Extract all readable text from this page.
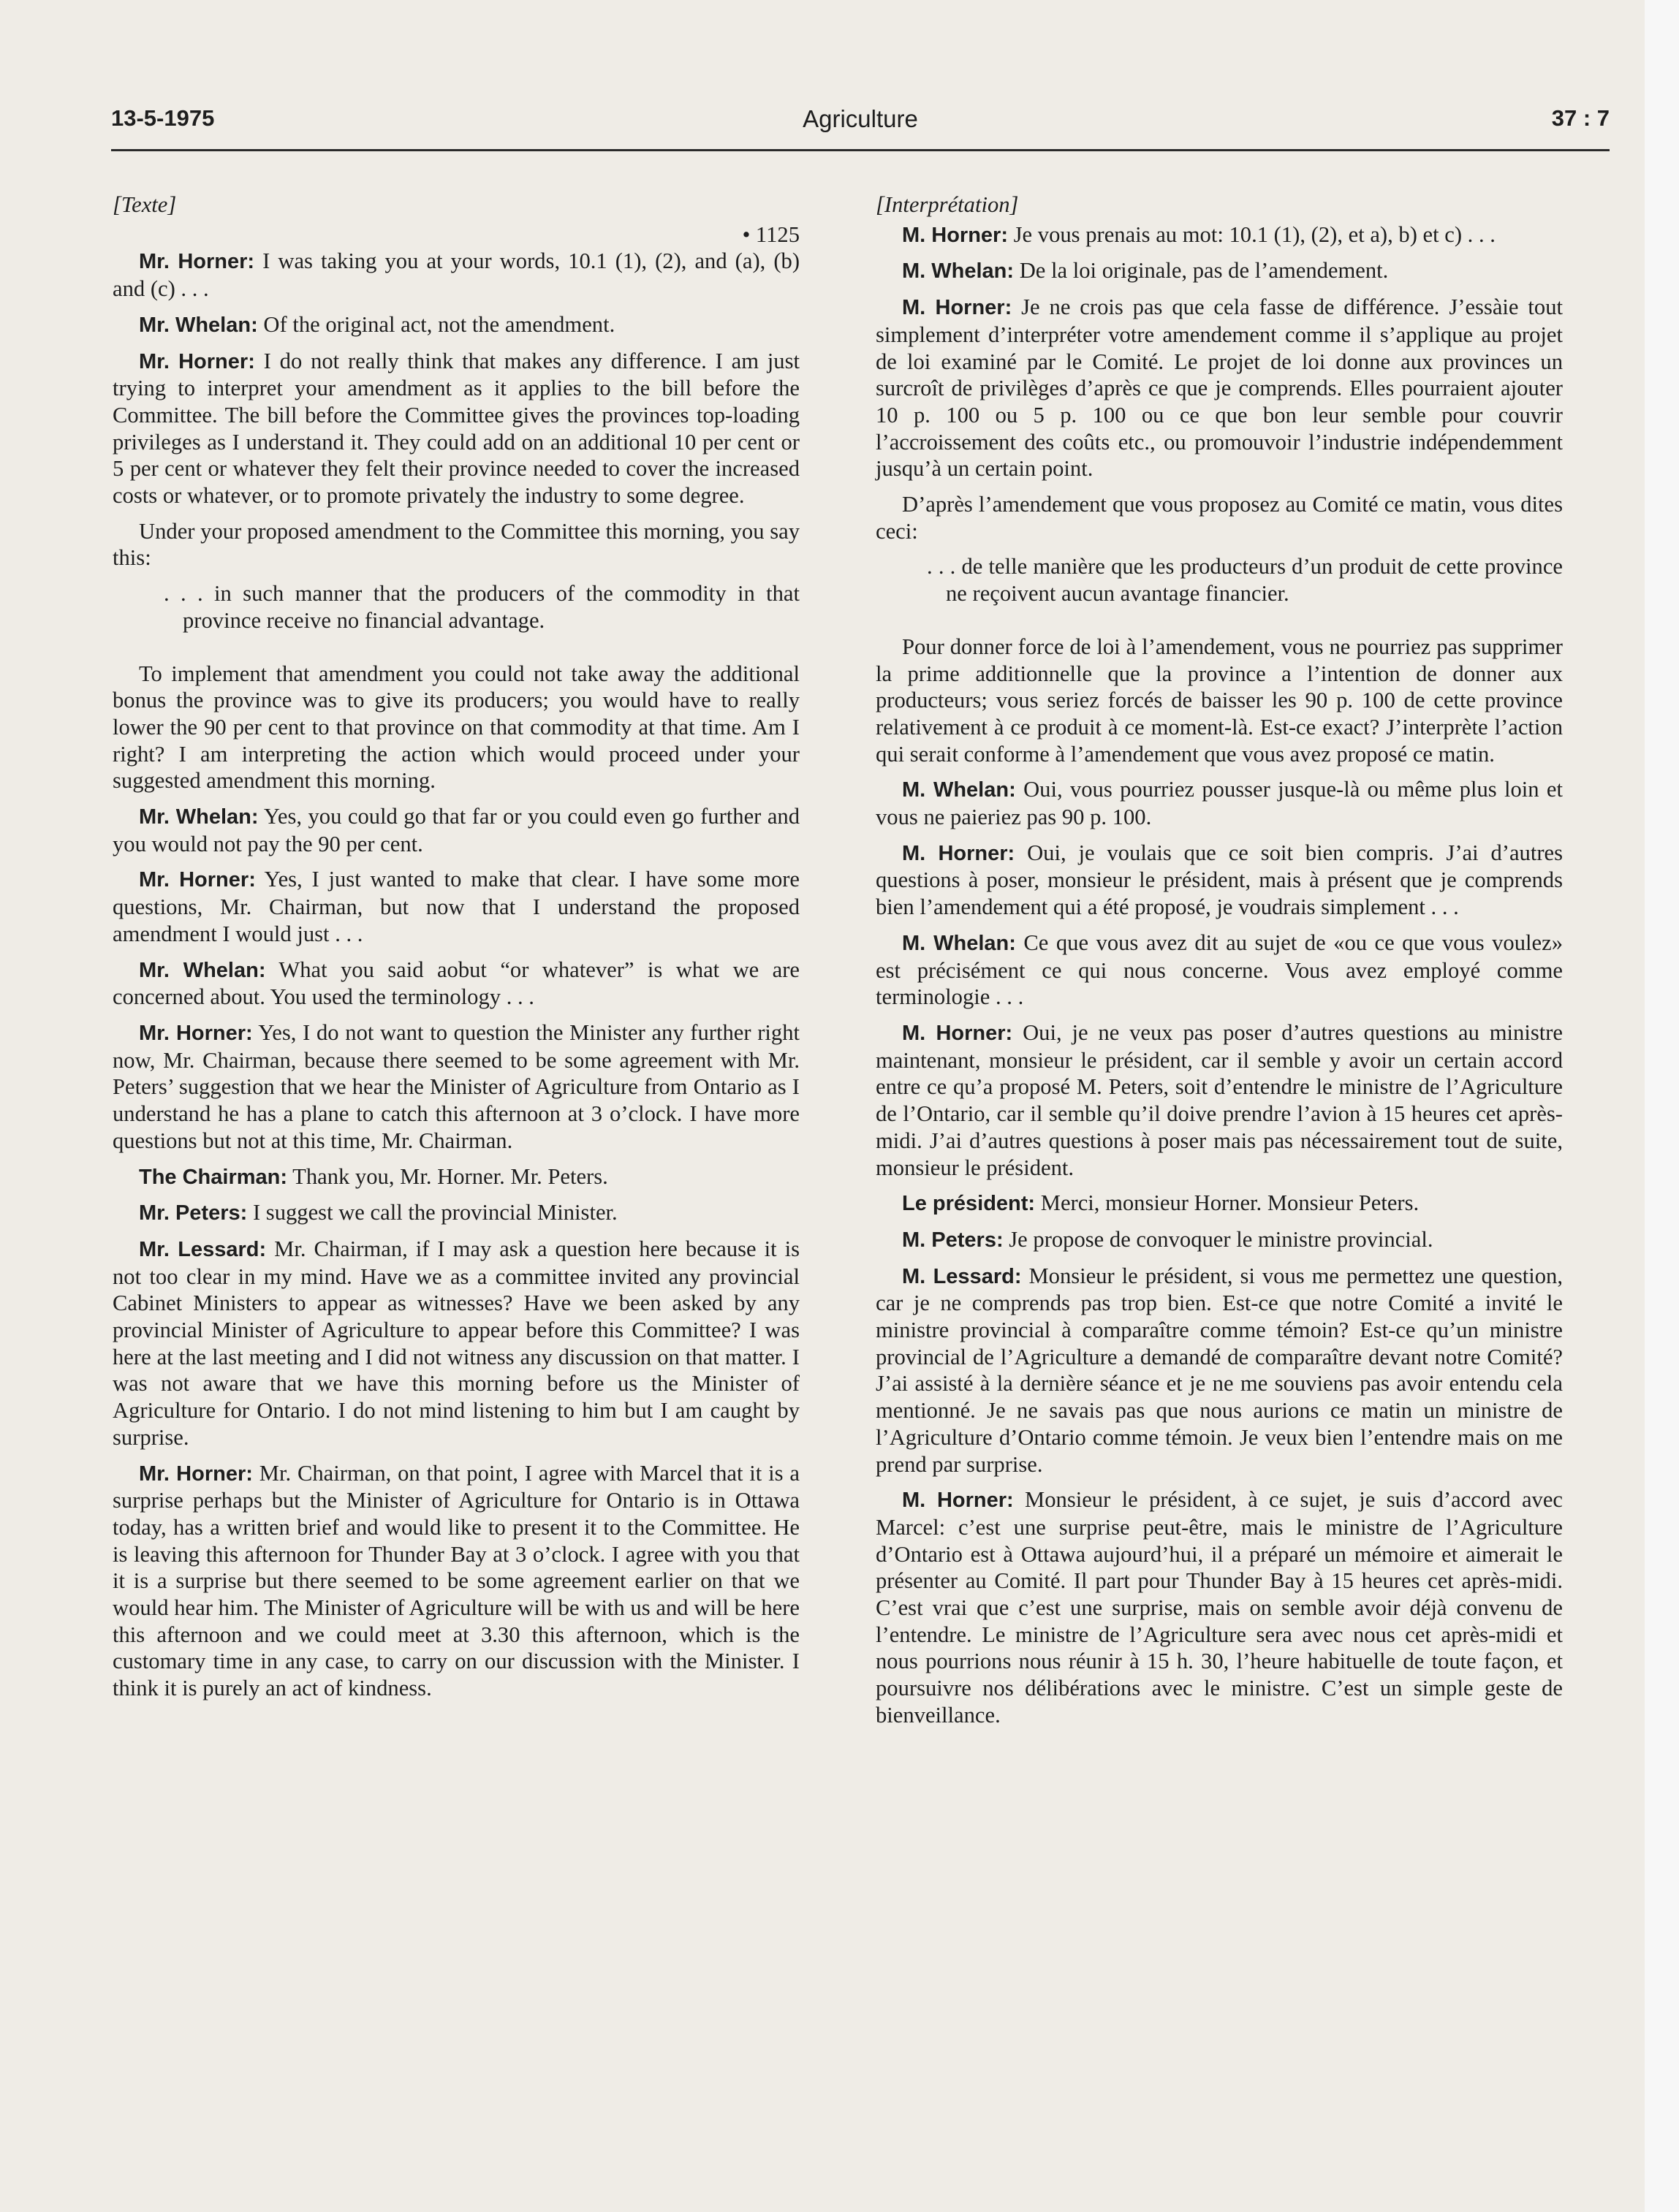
13-5-1975	Agriculture	37 : 7

[Texte]

• 1125

Mr. Horner: I was taking you at your words, 10.1 (1), (2), and (a), (b) and (c) . . .

Mr. Whelan: Of the original act, not the amendment.

Mr. Horner: I do not really think that makes any difference. I am just trying to interpret your amendment as it applies to the bill before the Committee. The bill before the Committee gives the provinces top-loading privileges as I understand it. They could add on an additional 10 per cent or 5 per cent or whatever they felt their province needed to cover the increased costs or whatever, or to promote privately the industry to some degree.

Under your proposed amendment to the Committee this morning, you say this:

. . . in such manner that the producers of the commodity in that province receive no financial advantage.

To implement that amendment you could not take away the additional bonus the province was to give its producers; you would have to really lower the 90 per cent to that province on that commodity at that time. Am I right? I am interpreting the action which would proceed under your suggested amendment this morning.

Mr. Whelan: Yes, you could go that far or you could even go further and you would not pay the 90 per cent.

Mr. Horner: Yes, I just wanted to make that clear. I have some more questions, Mr. Chairman, but now that I understand the proposed amendment I would just . . .

Mr. Whelan: What you said aobut “or whatever” is what we are concerned about. You used the terminology . . .

Mr. Horner: Yes, I do not want to question the Minister any further right now, Mr. Chairman, because there seemed to be some agreement with Mr. Peters’ suggestion that we hear the Minister of Agriculture from Ontario as I understand he has a plane to catch this afternoon at 3 o’clock. I have more questions but not at this time, Mr. Chairman.

The Chairman: Thank you, Mr. Horner. Mr. Peters.

Mr. Peters: I suggest we call the provincial Minister.

Mr. Lessard: Mr. Chairman, if I may ask a question here because it is not too clear in my mind. Have we as a committee invited any provincial Cabinet Ministers to appear as witnesses? Have we been asked by any provincial Minister of Agriculture to appear before this Committee? I was here at the last meeting and I did not witness any discussion on that matter. I was not aware that we have this morning before us the Minister of Agriculture for Ontario. I do not mind listening to him but I am caught by surprise.

Mr. Horner: Mr. Chairman, on that point, I agree with Marcel that it is a surprise perhaps but the Minister of Agriculture for Ontario is in Ottawa today, has a written brief and would like to present it to the Committee. He is leaving this afternoon for Thunder Bay at 3 o’clock. I agree with you that it is a surprise but there seemed to be some agreement earlier on that we would hear him. The Minister of Agriculture will be with us and will be here this afternoon and we could meet at 3.30 this afternoon, which is the customary time in any case, to carry on our discussion with the Minister. I think it is purely an act of kindness.

[Interprétation]

M. Horner: Je vous prenais au mot: 10.1 (1), (2), et a), b) et c) . . .

M. Whelan: De la loi originale, pas de l’amendement.

M. Horner: Je ne crois pas que cela fasse de différence. J’essàie tout simplement d’interpréter votre amendement comme il s’applique au projet de loi examiné par le Comité. Le projet de loi donne aux provinces un surcroît de privilèges d’après ce que je comprends. Elles pourraient ajouter 10 p. 100 ou 5 p. 100 ou ce que bon leur semble pour couvrir l’accroissement des coûts etc., ou promouvoir l’industrie indépendemment jusqu’à un certain point.

D’après l’amendement que vous proposez au Comité ce matin, vous dites ceci:

. . . de telle manière que les producteurs d’un produit de cette province ne reçoivent aucun avantage financier.

Pour donner force de loi à l’amendement, vous ne pourriez pas supprimer la prime additionnelle que la province a l’intention de donner aux producteurs; vous seriez forcés de baisser les 90 p. 100 de cette province relativement à ce produit à ce moment-là. Est-ce exact? J’interprète l’action qui serait conforme à l’amendement que vous avez proposé ce matin.

M. Whelan: Oui, vous pourriez pousser jusque-là ou même plus loin et vous ne paieriez pas 90 p. 100.

M. Horner: Oui, je voulais que ce soit bien compris. J’ai d’autres questions à poser, monsieur le président, mais à présent que je comprends bien l’amendement qui a été proposé, je voudrais simplement . . .

M. Whelan: Ce que vous avez dit au sujet de «ou ce que vous voulez» est précisément ce qui nous concerne. Vous avez employé comme terminologie . . .

M. Horner: Oui, je ne veux pas poser d’autres questions au ministre maintenant, monsieur le président, car il semble y avoir un certain accord entre ce qu’a proposé M. Peters, soit d’entendre le ministre de l’Agriculture de l’Ontario, car il semble qu’il doive prendre l’avion à 15 heures cet après-midi. J’ai d’autres questions à poser mais pas nécessairement tout de suite, monsieur le président.

Le président: Merci, monsieur Horner. Monsieur Peters.

M. Peters: Je propose de convoquer le ministre provincial.

M. Lessard: Monsieur le président, si vous me permettez une question, car je ne comprends pas trop bien. Est-ce que notre Comité a invité le ministre provincial à comparaître comme témoin? Est-ce qu’un ministre provincial de l’Agriculture a demandé de comparaître devant notre Comité? J’ai assisté à la dernière séance et je ne me souviens pas avoir entendu cela mentionné. Je ne savais pas que nous aurions ce matin un ministre de l’Agriculture d’Ontario comme témoin. Je veux bien l’entendre mais on me prend par surprise.

M. Horner: Monsieur le président, à ce sujet, je suis d’accord avec Marcel: c’est une surprise peut-être, mais le ministre de l’Agriculture d’Ontario est à Ottawa aujourd’hui, il a préparé un mémoire et aimerait le présenter au Comité. Il part pour Thunder Bay à 15 heures cet après-midi. C’est vrai que c’est une surprise, mais on semble avoir déjà convenu de l’entendre. Le ministre de l’Agriculture sera avec nous cet après-midi et nous pourrions nous réunir à 15 h. 30, l’heure habituelle de toute façon, et poursuivre nos délibérations avec le ministre. C’est un simple geste de bienveillance.
